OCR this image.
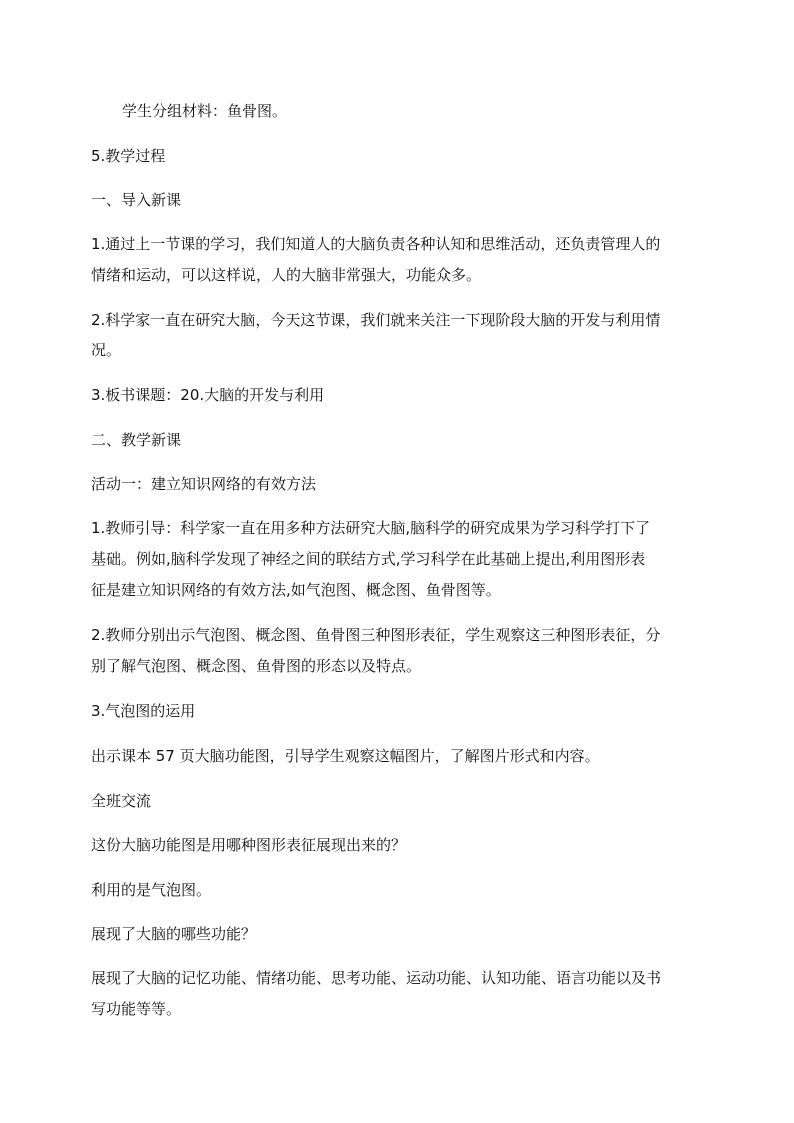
学生分组材料：鱼骨图。
5.教学过程
一、导入新课
1.通过上一节课的学习，我们知道人的大脑负责各种认知和思维活动，还负责管理人的
情绪和运动，可以这样说，人的大脑非常强大，功能众多。
2.科学家一直在研究大脑，今天这节课，我们就来关注一下现阶段大脑的开发与利用情
况。
3.板书课题：20.大脑的开发与利用
二、教学新课
活动一：建立知识网络的有效方法
1.教师引导：科学家一直在用多种方法研究大脑,脑科学的研究成果为学习科学打下了
基础。例如,脑科学发现了神经之间的联结方式,学习科学在此基础上提出,利用图形表
征是建立知识网络的有效方法,如气泡图、概念图、鱼骨图等。
2.教师分别出示气泡图、概念图、鱼骨图三种图形表征，学生观察这三种图形表征，分
别了解气泡图、概念图、鱼骨图的形态以及特点。
3.气泡图的运用
出示课本 57 页大脑功能图，引导学生观察这幅图片，了解图片形式和内容。
全班交流
这份大脑功能图是用哪种图形表征展现出来的？
利用的是气泡图。
展现了大脑的哪些功能？
展现了大脑的记忆功能、情绪功能、思考功能、运动功能、认知功能、语言功能以及书
写功能等等。
